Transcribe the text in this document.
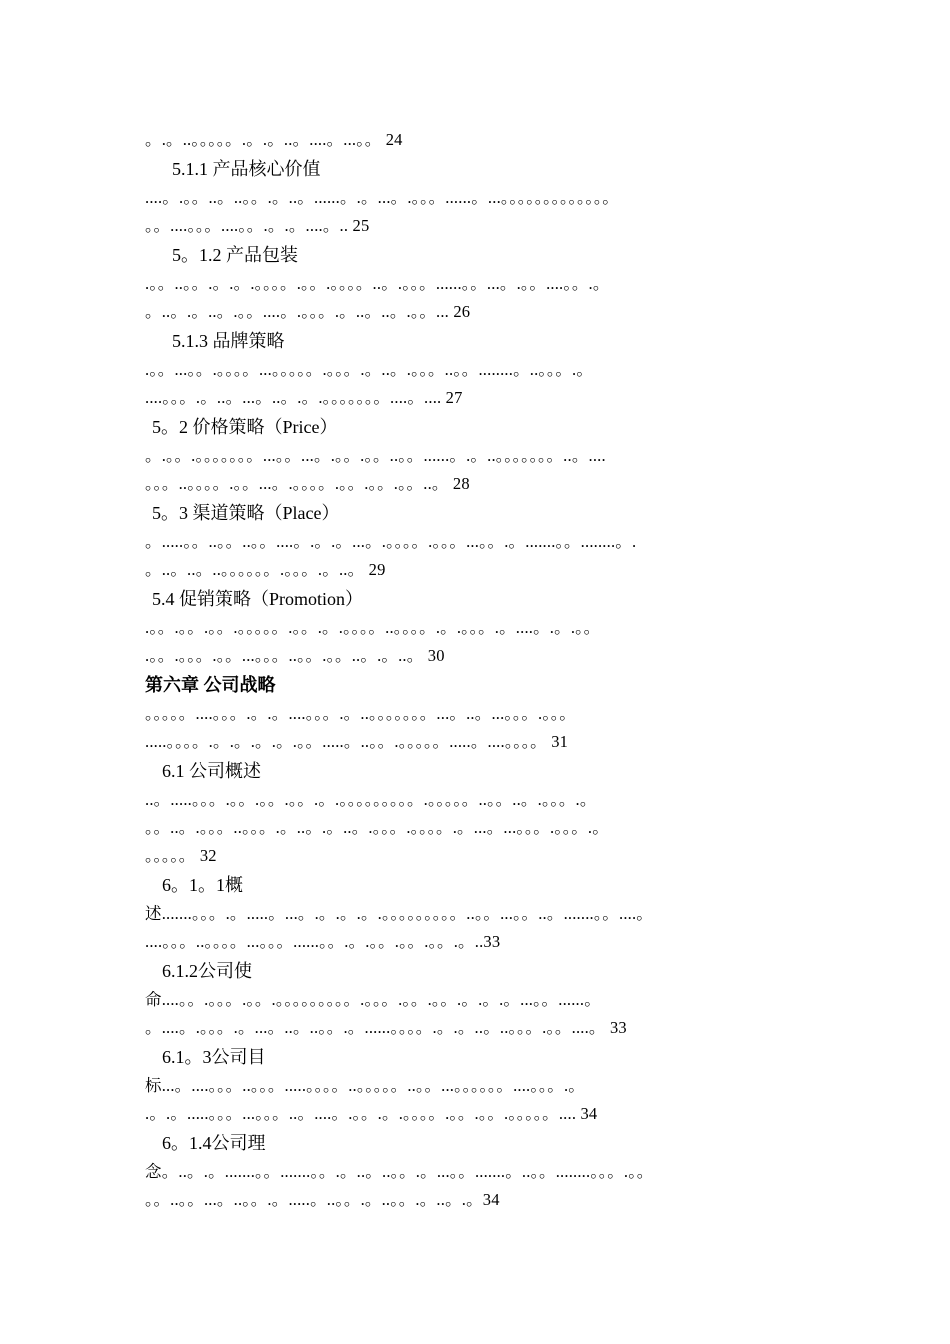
。.。..。。。。。.。.。..。....。...。。 24
5.1.1 产品核心价值
....。.。。..。..。。.。..。......。.。...。.。。。......。...。。。。。。。。。。。。。
。。....。。。....。。.。.。....。.. 25
5。1.2 产品包装
.。。..。。.。.。.。。。。.。。.。。。。..。.。。。......。。...。.。。....。。.。
。..。.。..。.。。....。.。。。.。..。..。.。。... 26
5.1.3 品牌策略
.。。...。。.。。。。...。。。。。.。。。.。..。.。。。..。。........。..。。。.。
....。。。.。..。...。..。.。.。。。。。。。....。.... 27
5。2 价格策略（Price）
。.。。.。。。。。。。...。。...。.。。.。。..。。......。.。..。。。。。。。..。....
。。。..。。。。.。。...。.。。。。.。。.。。.。。..。 28
5。3 渠道策略（Place）
。.....。。..。。..。。....。.。.。...。.。。。。.。。。...。。.。.......。。........。.
。..。..。..。。。。。。.。。。.。..。 29
5.4 促销策略（Promotion）
.。。.。。.。。.。。。。。.。。.。.。。。。..。。。。.。.。。。.。....。.。.。。
.。。.。。。.。。...。。。..。。.。。..。.。..。 30
第六章 公司战略
。。。。。....。。。.。.。....。。。.。..。。。。。。。...。..。...。。。.。。。
.....。。。。.。.。.。.。.。。.....。..。。.。。。。。.....。....。。。。 31
6.1 公司概述
..。.....。。。.。。.。。.。。.。.。。。。。。。。。.。。。。。..。。..。.。。。.。
。。..。.。。。..。。。.。..。.。..。.。。。.。。。。.。...。...。。。.。。。.。
。。。。。 32
6。1。1概
述.......。。。.。.....。...。.。.。.。.。。。。。。。。。..。。...。。..。.......。。....。
....。。。..。。。。...。。。......。。.。.。。.。。.。。.。..33
6.1.2公司使
命....。。.。。。.。。.。。。。。。。。。.。。。.。。.。。.。.。.。...。。......。
。....。.。。。.。...。..。..。。.。......。。。。.。.。..。..。。。.。。....。 33
6.1。3公司目
标...。....。。。..。。。.....。。。。..。。。。。..。。...。。。。。。....。。。.。
.。.。.....。。。...。。。..。....。.。。.。.。。。。.。。.。。.。。。。。.... 34
6。1.4公司理
念。..。.。.......。。.......。。.。..。..。。.。...。。.......。..。。........。。。.。。
。。..。。...。..。。.。.....。..。。.。..。。.。..。.。34
